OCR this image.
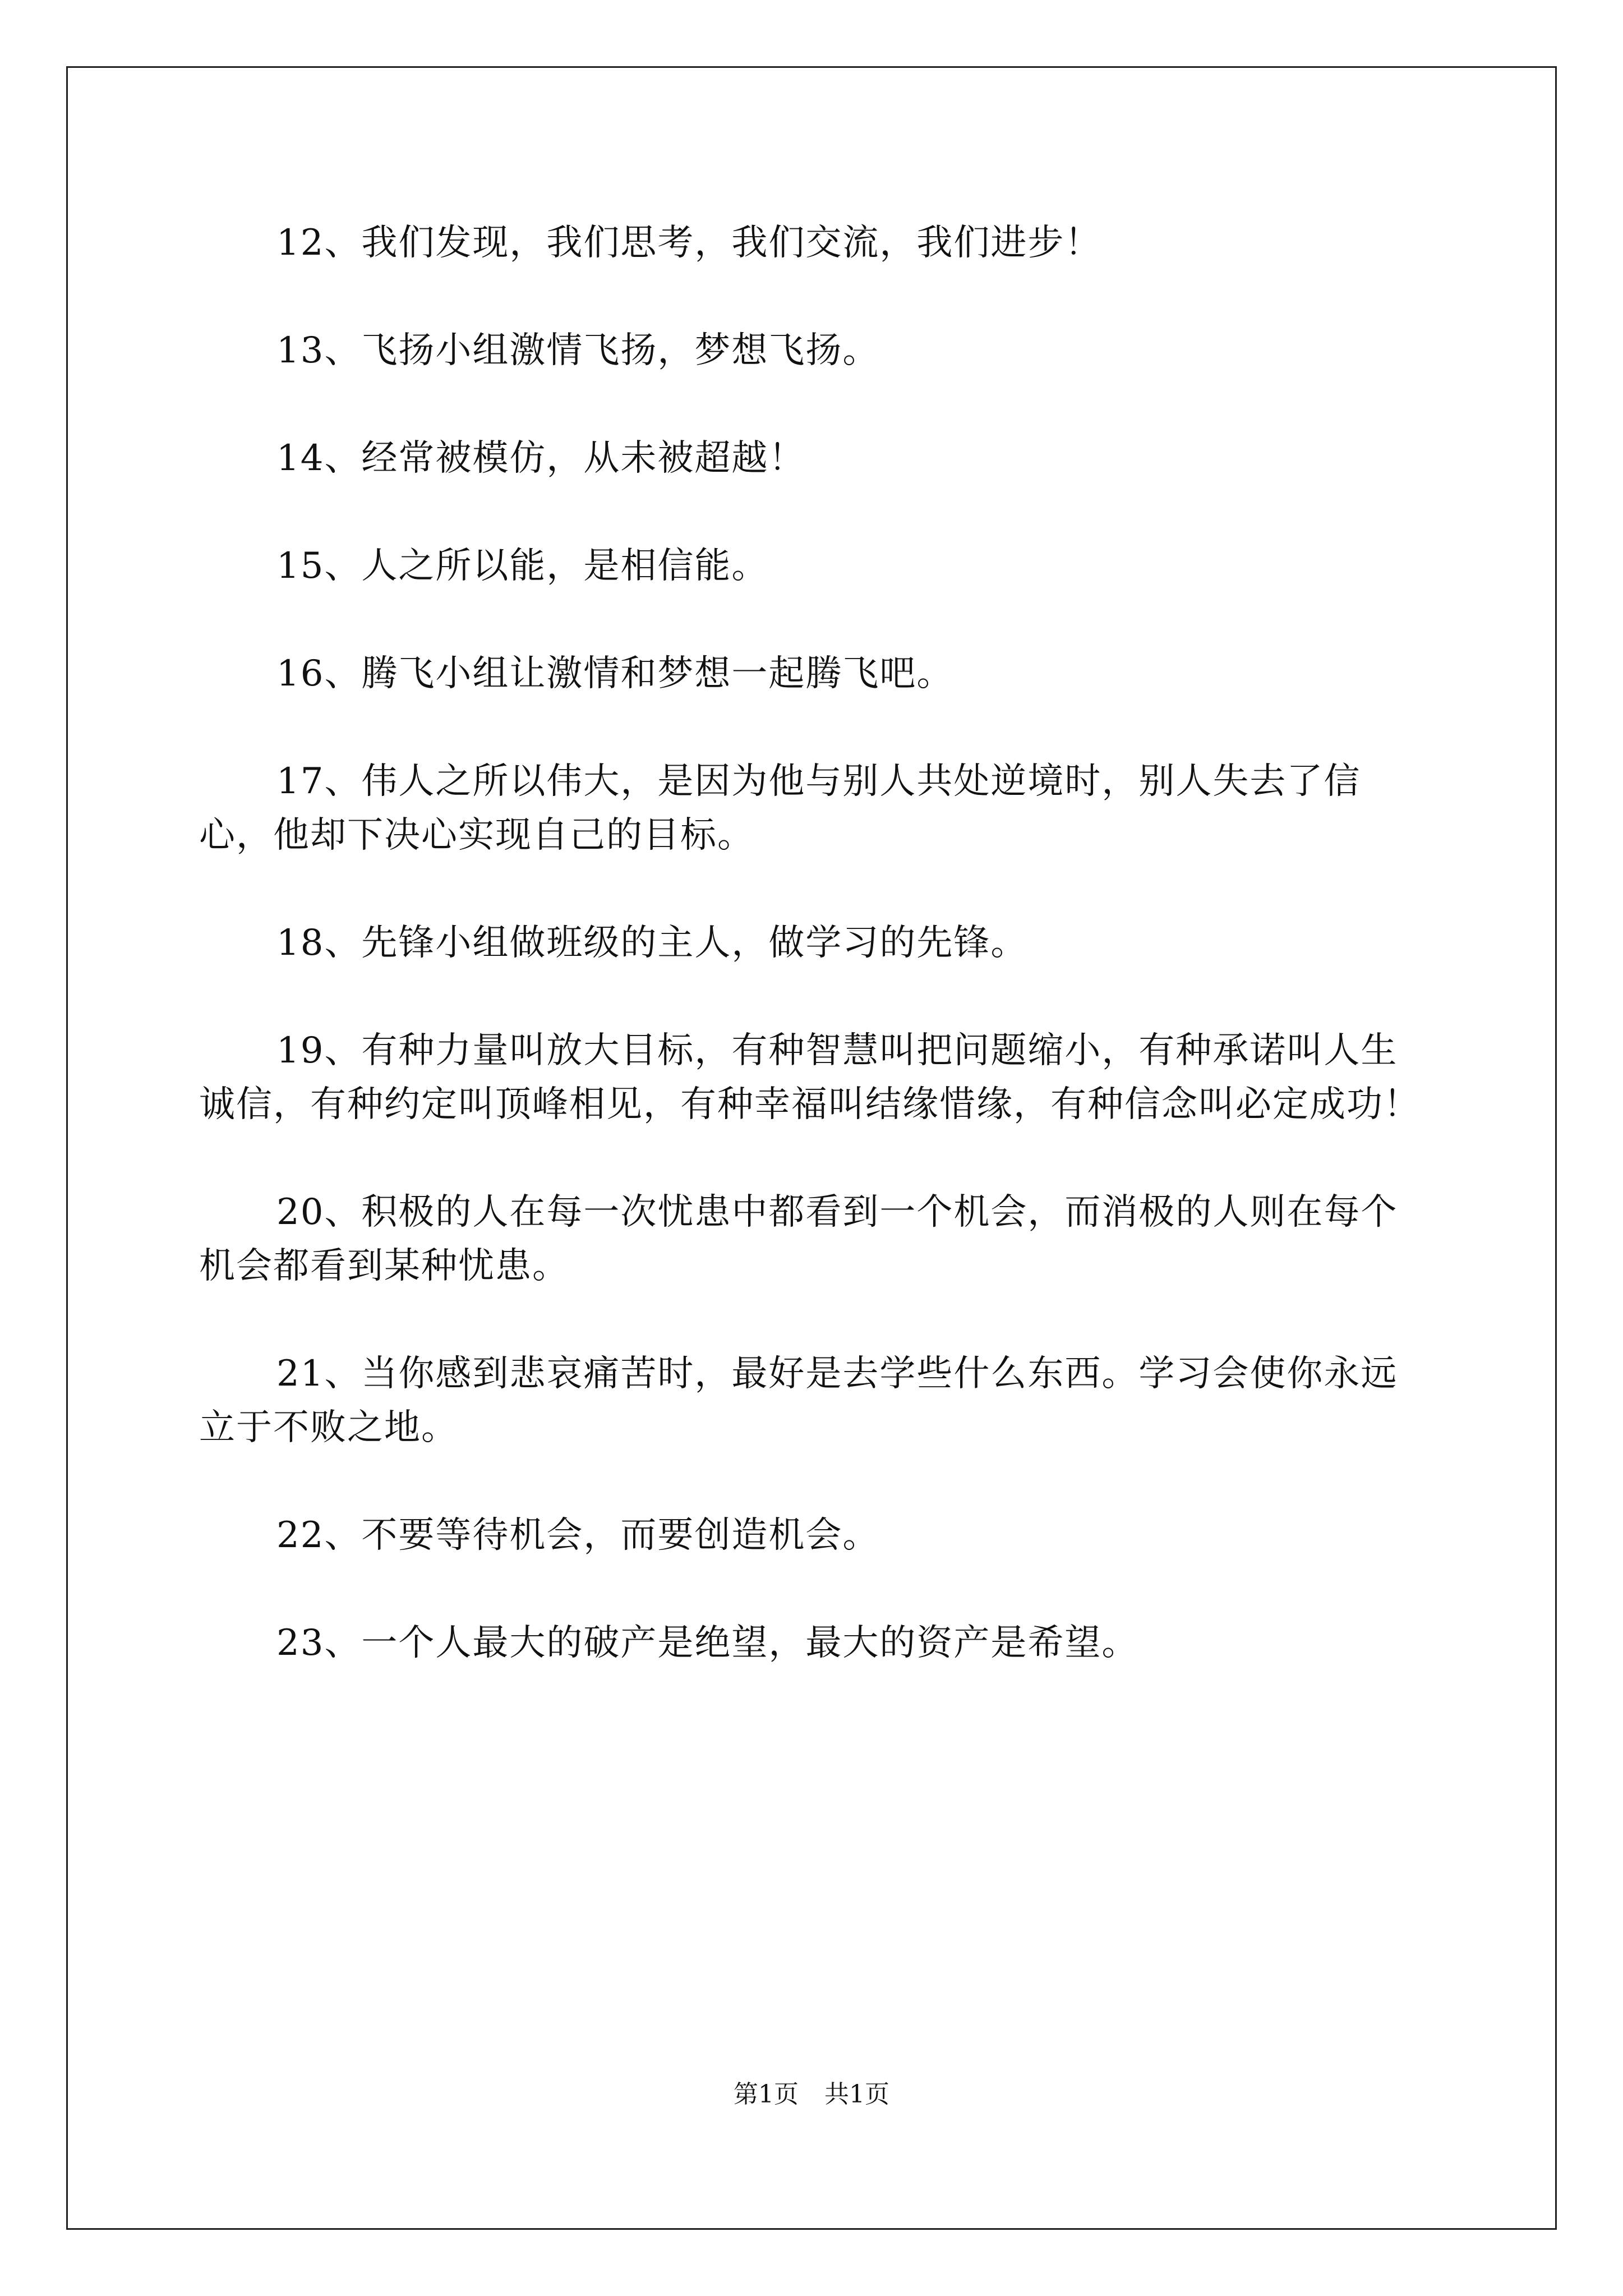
12、我们发现，我们思考，我们交流，我们进步！

13、飞扬小组激情飞扬，梦想飞扬。

14、经常被模仿，从未被超越！

15、人之所以能，是相信能。

16、腾飞小组让激情和梦想一起腾飞吧。

17、伟人之所以伟大，是因为他与别人共处逆境时，别人失去了信心，他却下决心实现自己的目标。

18、先锋小组做班级的主人，做学习的先锋。

19、有种力量叫放大目标，有种智慧叫把问题缩小，有种承诺叫人生诚信，有种约定叫顶峰相见，有种幸福叫结缘惜缘，有种信念叫必定成功！

20、积极的人在每一次忧患中都看到一个机会，而消极的人则在每个机会都看到某种忧患。

21、当你感到悲哀痛苦时，最好是去学些什么东西。学习会使你永远立于不败之地。

22、不要等待机会，而要创造机会。

23、一个人最大的破产是绝望，最大的资产是希望。

第1页 共1页
